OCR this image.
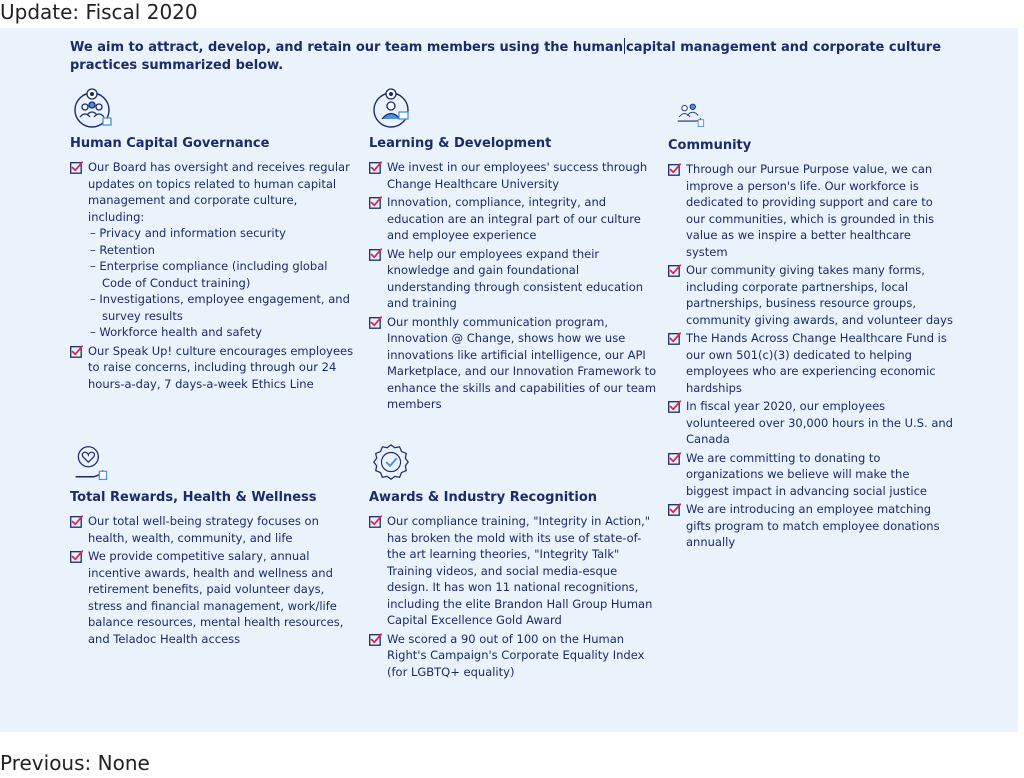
Update: Fiscal 2020
We aim to attract, develop, and retain our team members using the human capital management and corporate culture practices summarized below.
Human Capital Governance
Our Board has oversight and receives regular updates on topics related to human capital management and corporate culture, including:
– Privacy and information security
– Retention
– Enterprise compliance (including global Code of Conduct training)
– Investigations, employee engagement, and survey results
– Workforce health and safety
Our Speak Up! culture encourages employees to raise concerns, including through our 24 hours-a-day, 7 days-a-week Ethics Line
Learning & Development
We invest in our employees' success through Change Healthcare University
Innovation, compliance, integrity, and education are an integral part of our culture and employee experience
We help our employees expand their knowledge and gain foundational understanding through consistent education and training
Our monthly communication program, Innovation @ Change, shows how we use innovations like artificial intelligence, our API Marketplace, and our Innovation Framework to enhance the skills and capabilities of our team members
Community
Through our Pursue Purpose value, we can improve a person's life. Our workforce is dedicated to providing support and care to our communities, which is grounded in this value as we inspire a better healthcare system
Our community giving takes many forms, including corporate partnerships, local partnerships, business resource groups, community giving awards, and volunteer days
The Hands Across Change Healthcare Fund is our own 501(c)(3) dedicated to helping employees who are experiencing economic hardships
In fiscal year 2020, our employees volunteered over 30,000 hours in the U.S. and Canada
We are committing to donating to organizations we believe will make the biggest impact in advancing social justice
We are introducing an employee matching gifts program to match employee donations annually
Total Rewards, Health & Wellness
Our total well-being strategy focuses on health, wealth, community, and life
We provide competitive salary, annual incentive awards, health and wellness and retirement benefits, paid volunteer days, stress and financial management, work/life balance resources, mental health resources, and Teladoc Health access
Awards & Industry Recognition
Our compliance training, "Integrity in Action," has broken the mold with its use of state-of-the art learning theories, "Integrity Talk" Training videos, and social media-esque design. It has won 11 national recognitions, including the elite Brandon Hall Group Human Capital Excellence Gold Award
We scored a 90 out of 100 on the Human Right's Campaign's Corporate Equality Index (for LGBTQ+ equality)
Previous: None
